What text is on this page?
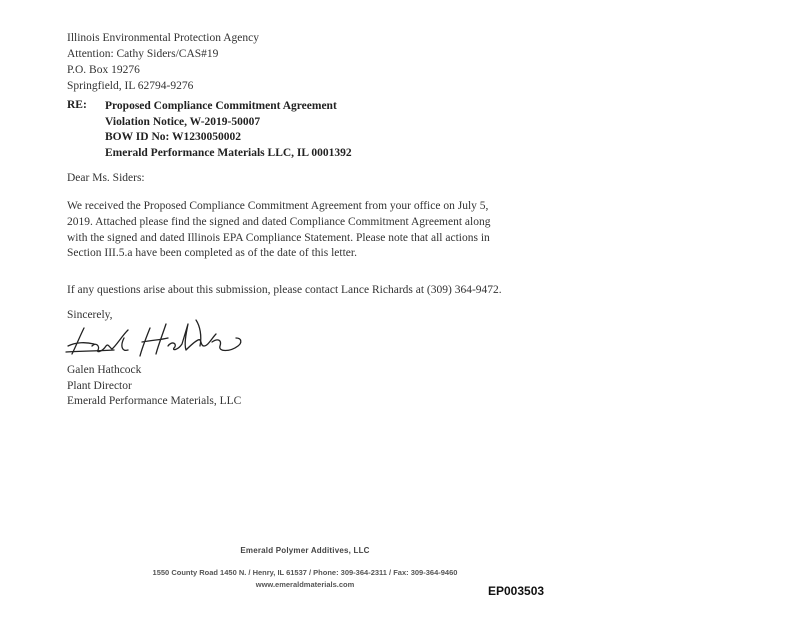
Illinois Environmental Protection Agency
Attention: Cathy Siders/CAS#19
P.O. Box 19276
Springfield, IL 62794-9276
RE: Proposed Compliance Commitment Agreement
Violation Notice, W-2019-50007
BOW ID No: W1230050002
Emerald Performance Materials LLC, IL 0001392
Dear Ms. Siders:
We received the Proposed Compliance Commitment Agreement from your office on July 5,
2019. Attached please find the signed and dated Compliance Commitment Agreement along
with the signed and dated Illinois EPA Compliance Statement. Please note that all actions in
Section III.5.a have been completed as of the date of this letter.
If any questions arise about this submission, please contact Lance Richards at (309) 364-9472.
Sincerely,
Galen Hathcock
Plant Director
Emerald Performance Materials, LLC
Emerald Polymer Additives, LLC
1550 County Road 1450 N. / Henry, IL 61537 / Phone: 309-364-2311 / Fax: 309-364-9460
www.emeraldmaterials.com	EP003503
